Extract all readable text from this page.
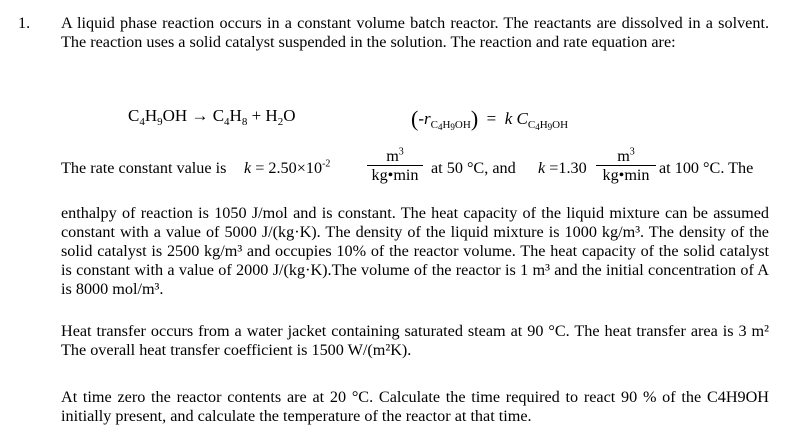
1. A liquid phase reaction occurs in a constant volume batch reactor. The reactants are dissolved in a solvent. The reaction uses a solid catalyst suspended in the solution. The reaction and rate equation are:
$C_4H_9OH \to C_4H_8 + H_2O$	$(-r_{C4H9OH}) = k$ $C_{C4H9OH}$
The rate constant value is $k = 2.50\times 10^{-2}$	$m^3$
kg•min at 50 °C, and k =1.30
$m^3$
kg•min at 100 °C. The
enthalpy of reaction is 1050 J/mol and is constant. The heat capacity of the liquid mixture can be assumed constant with a value of 5000 J/(kg·K). The density of the liquid mixture is 1000 kg/m³. The density of the solid catalyst is 2500 kg/m³ and occupies 10% of the reactor volume. The heat capacity of the solid catalyst is constant with a value of 2000 J/(kg·K).The volume of the reactor is 1 m³ and the initial concentration of A is 8000 mol/m³.
Heat transfer occurs from a water jacket containing saturated steam at 90 °C. The heat transfer area is 3 m² The overall heat transfer coefficient is 1500 W/(m²K).
At time zero the reactor contents are at 20 °C. Calculate the time required to react 90 % of the C4H9OH initially present, and calculate the temperature of the reactor at that time.
